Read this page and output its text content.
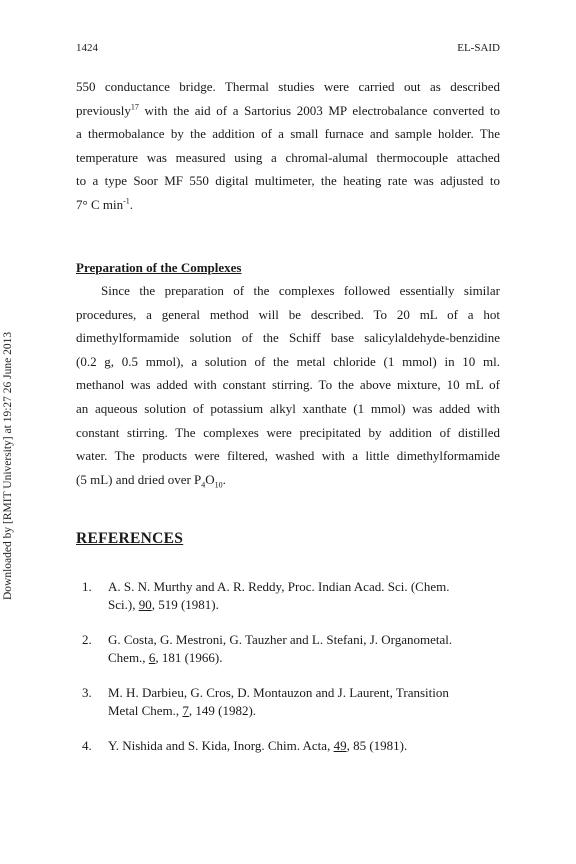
1424	EL-SAID
Downloaded by [RMIT University] at 19:27 26 June 2013
550 conductance bridge. Thermal studies were carried out as described
previously$^{17}$ with the aid of a Sartorius 2003 MP electrobalance converted to
a thermobalance by the addition of a small furnace and sample holder. The
temperature was measured using a chromal-alumal thermocouple attached
to a type Soor MF 550 digital multimeter, the heating rate was adjusted to
7° C $\min^{-1}$.
Preparation of the Complexes
Since the preparation of the complexes followed essentially similar
procedures, a general method will be described. To 20 mL of a hot
dimethylformamide solution of the Schiff base salicylaldehyde-benzidine
(0.2 g, 0.5 mmol), a solution of the metal chloride (1 mmol) in 10 ml.
methanol was added with constant stirring. To the above mixture, 10 mL of
an aqueous solution of potassium alkyl xanthate (1 mmol) was added with
constant stirring. The complexes were precipitated by addition of distilled
water. The products were filtered, washed with a little dimethylformamide
(5 mL) and dried over $P_4O_{10}$.
REFERENCES
1. A. S. N. Murthy and A. R. Reddy, Proc. Indian Acad. Sci. (Chem.
Sci.), 90, 519 (1981).
2. G. Costa, G. Mestroni, G. Tauzher and L. Stefani, J. Organometal.
Chem., 6, 181 (1966).
3. M. H. Darbieu, G. Cros, D. Montauzon and J. Laurent, Transition
Metal Chem., 7, 149 (1982).
4. Y. Nishida and S. Kida, Inorg. Chim. Acta, 49, 85 (1981).
